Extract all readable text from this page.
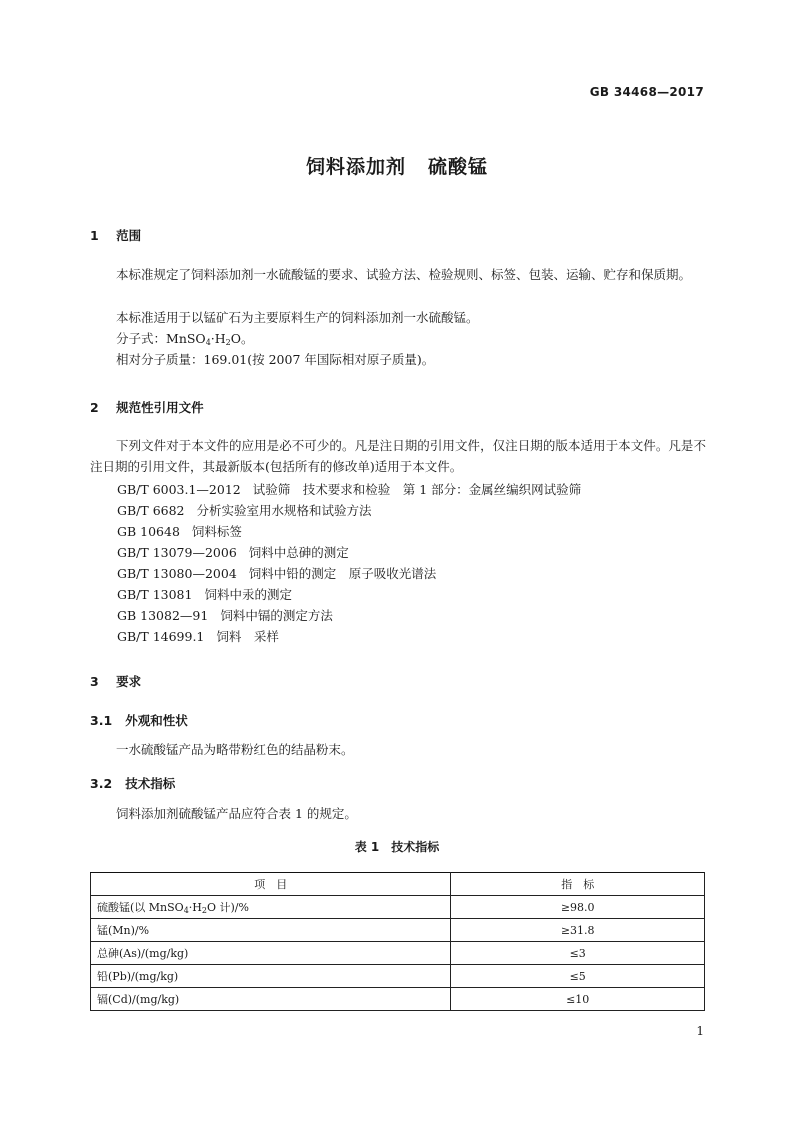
GB 34468—2017
饲料添加剂 硫酸锰
1 范围
本标准规定了饲料添加剂一水硫酸锰的要求、试验方法、检验规则、标签、包装、运输、贮存和保质期。
本标准适用于以锰矿石为主要原料生产的饲料添加剂一水硫酸锰。
分子式：$MnSO_4\cdot H_2O$。
相对分子质量：169.01(按 2007 年国际相对原子质量)。
2 规范性引用文件
下列文件对于本文件的应用是必不可少的。凡是注日期的引用文件，仅注日期的版本适用于本文件。凡是不注日期的引用文件，其最新版本(包括所有的修改单)适用于本文件。
GB/T 6003.1—2012 试验筛　技术要求和检验　第 1 部分：金属丝编织网试验筛
GB/T 6682 分析实验室用水规格和试验方法
GB 10648 饲料标签
GB/T 13079—2006 饲料中总砷的测定
GB/T 13080—2004 饲料中铅的测定　原子吸收光谱法
GB/T 13081 饲料中汞的测定
GB 13082—91 饲料中镉的测定方法
GB/T 14699.1 饲料　采样
3 要求
3.1 外观和性状
一水硫酸锰产品为略带粉红色的结晶粉末。
3.2 技术指标
饲料添加剂硫酸锰产品应符合表 1 的规定。
表 1　技术指标
项　目	指　标
硫酸锰(以 $MnSO_4\cdot H_2O$ 计)/%	≥98.0
锰(Mn)/%	≥31.8
总砷(As)/(mg/kg)	≤3
铅(Pb)/(mg/kg)	≤5
镉(Cd)/(mg/kg)	≤10
1
